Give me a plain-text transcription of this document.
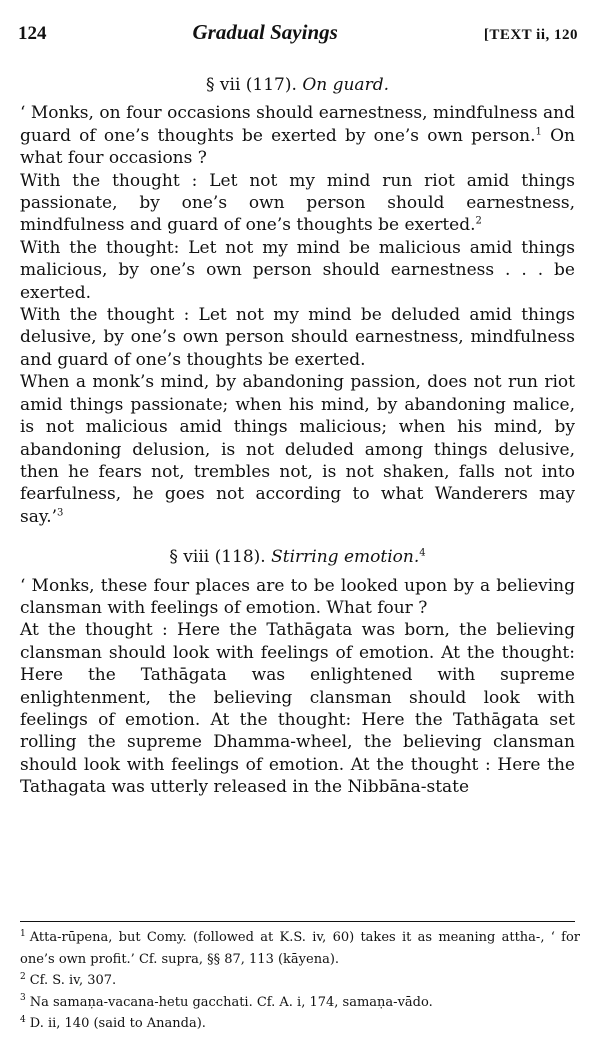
124	Gradual Sayings	[TEXT ii, 120
§ vii (117). On guard.

‘ Monks, on four occasions should earnestness, mindfulness and guard of one’s thoughts be exerted by one’s own person.$^1$ On what four occasions ?

With the thought : Let not my mind run riot amid things passionate, by one’s own person should earnestness, mindfulness and guard of one’s thoughts be exerted.$^2$

With the thought: Let not my mind be malicious amid things malicious, by one’s own person should earnestness . . . be exerted.

With the thought : Let not my mind be deluded amid things delusive, by one’s own person should earnestness, mindfulness and guard of one’s thoughts be exerted.

When a monk’s mind, by abandoning passion, does not run riot amid things passionate; when his mind, by abandoning malice, is not malicious amid things malicious; when his mind, by abandoning delusion, is not deluded among things delusive, then he fears not, trembles not, is not shaken, falls not into fearfulness, he goes not according to what Wanderers may say.’$^3$

§ viii (118). Stirring emotion.$^4$

‘ Monks, these four places are to be looked upon by a believing clansman with feelings of emotion. What four ?

At the thought : Here the Tathāgata was born, the believing clansman should look with feelings of emotion. At the thought: Here the Tathāgata was enlightened with supreme enlightenment, the believing clansman should look with feelings of emotion. At the thought: Here the Tathāgata set rolling the supreme Dhamma-wheel, the believing clansman should look with feelings of emotion. At the thought : Here the Tathagata was utterly released in the Nibbāna-state

$^1$ Atta-rūpena, but Comy. (followed at K.S. iv, 60) takes it as meaning attha-, ‘ for one’s own profit.’ Cf. supra, §§ 87, 113 (kāyena).

$^2$ Cf. S. iv, 307.

$^3$ Na samaṇa-vacana-hetu gacchati. Cf. A. i, 174, samaṇa-vādo.

$^4$ D. ii, 140 (said to Ananda).
